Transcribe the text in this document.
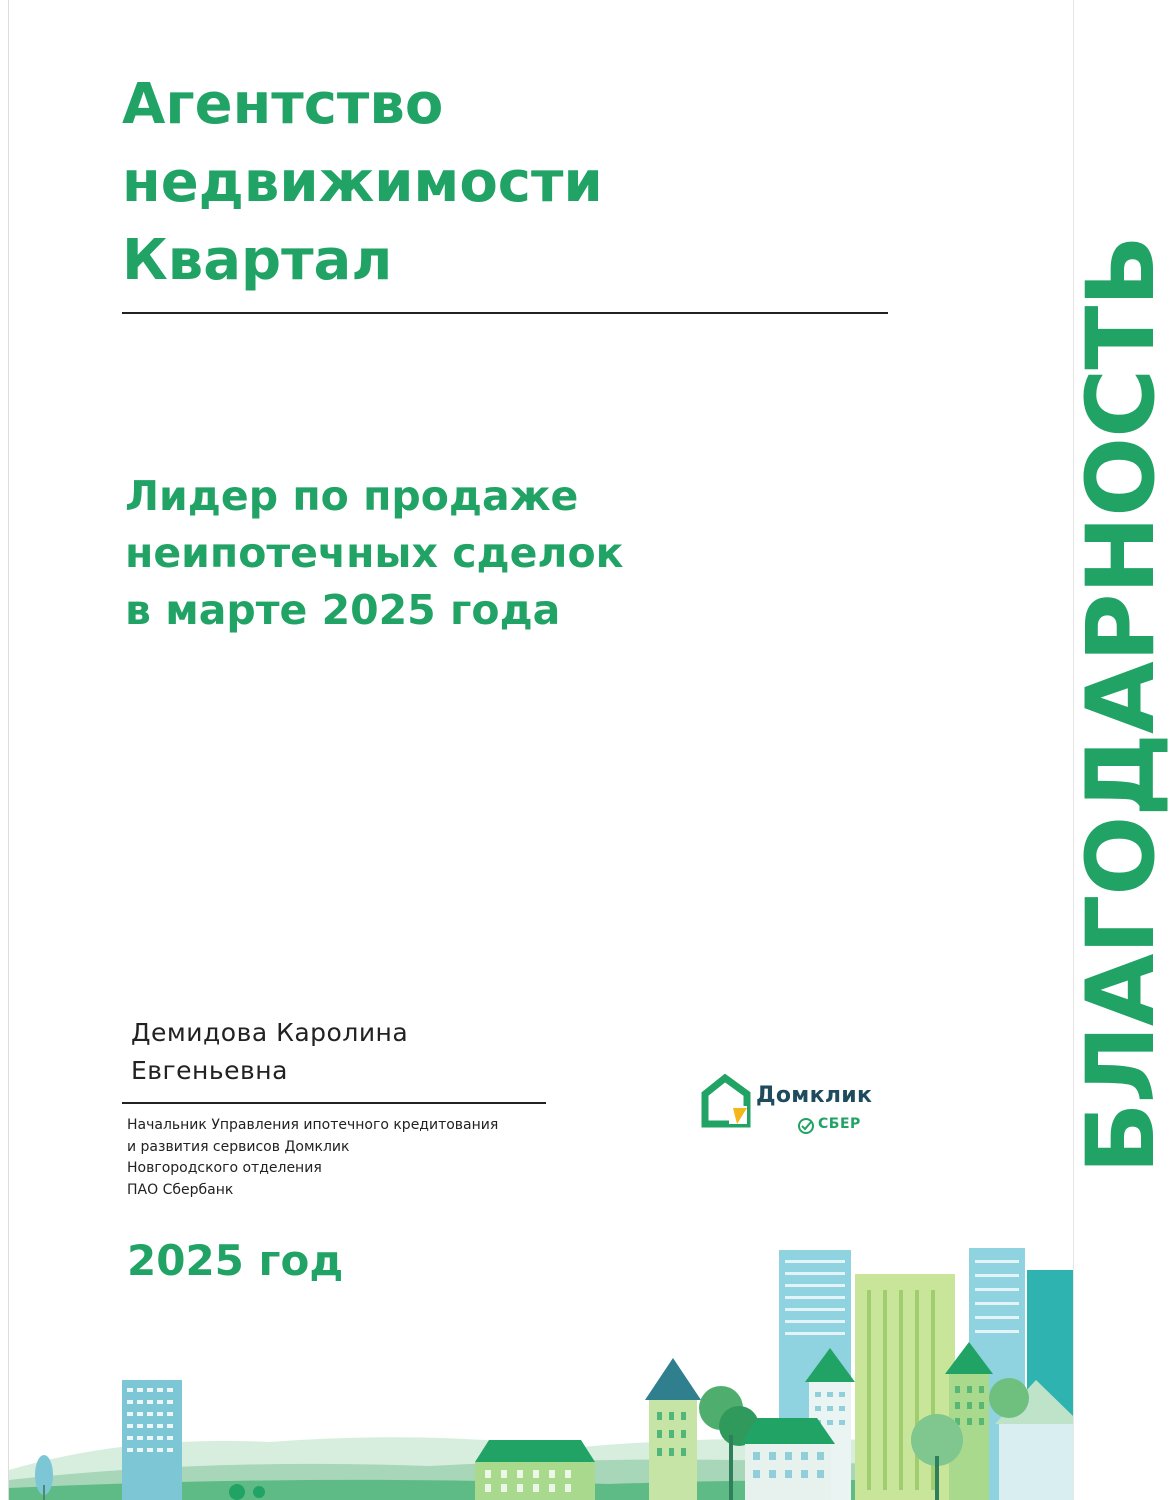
Агентство
недвижимости
Квартал
Лидер по продаже
неипотечных сделок
в марте 2025 года	БЛАГОДАРНОСТЬ
Демидова Каролина
Евгеньевна
Начальник Управления ипотечного кредитования
и развития сервисов Домклик
Новгородского отделения
ПАО Сбербанк
2025 год
Домклик
СБЕР
